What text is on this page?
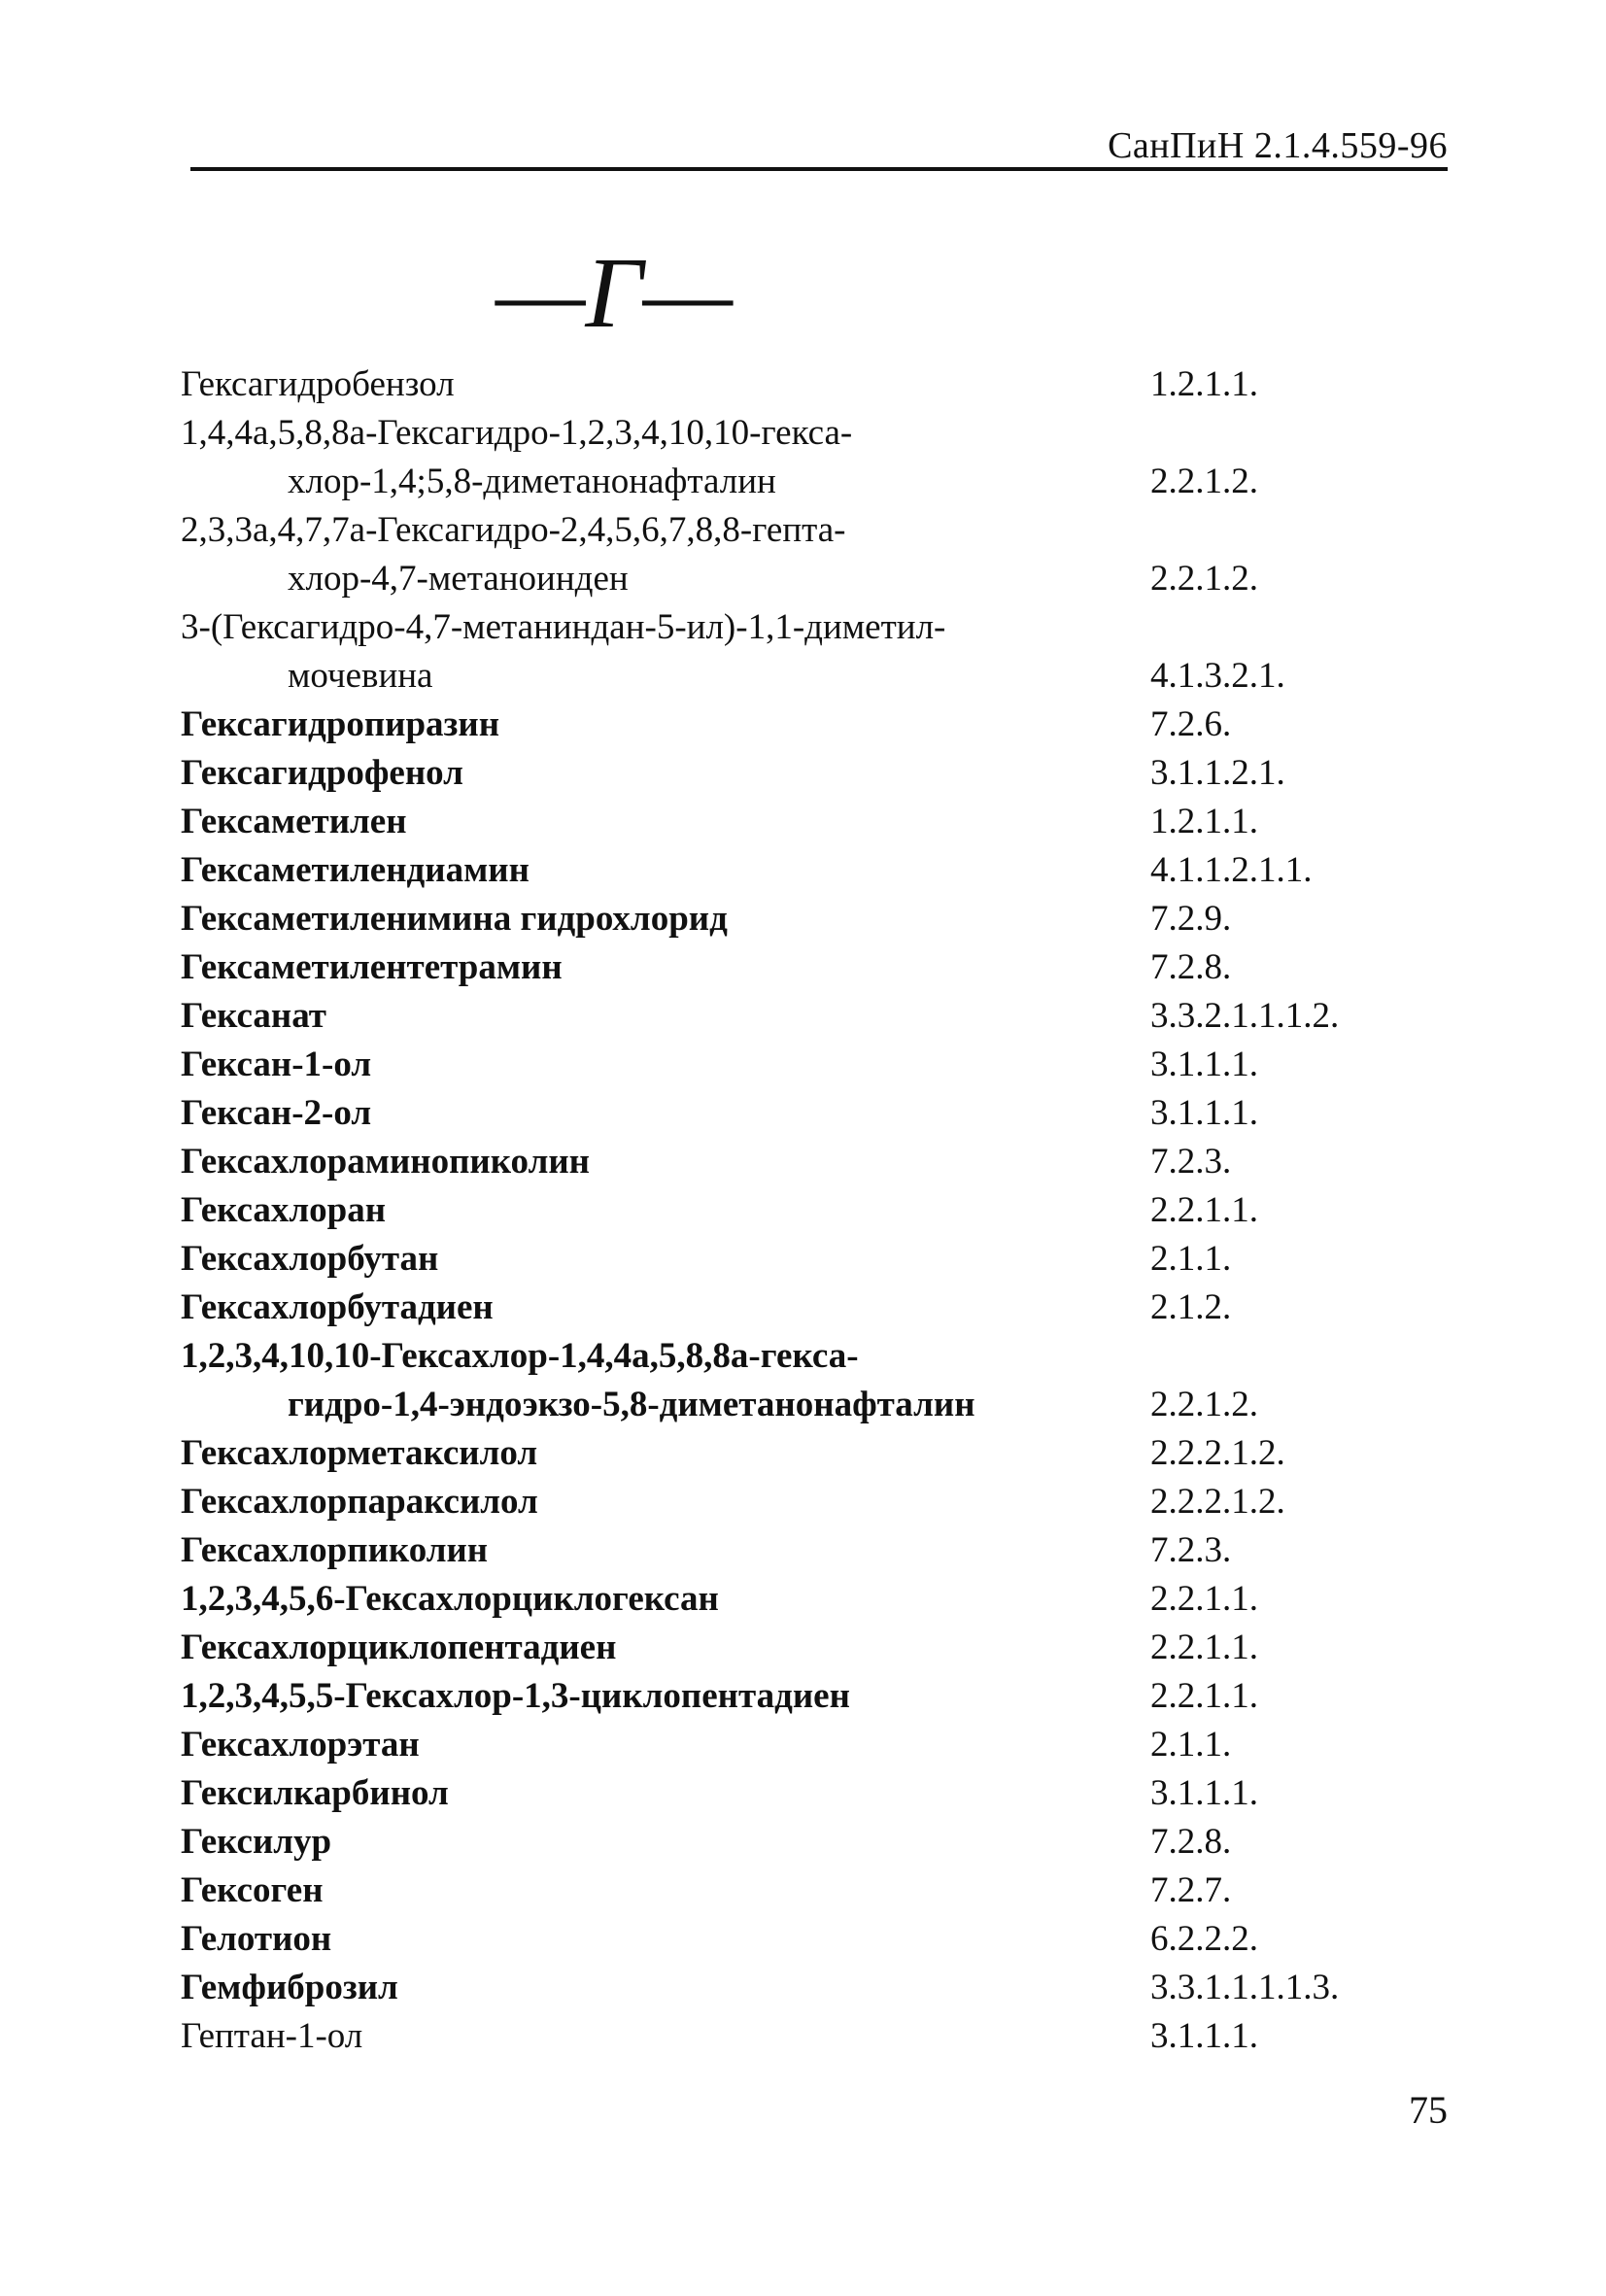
СанПиН 2.1.4.559-96
—Г—
Гексагидробензол	1.2.1.1.
1,4,4а,5,8,8а-Гексагидро-1,2,3,4,10,10-гекса-
хлор-1,4;5,8-диметанонафталин	2.2.1.2.
2,3,3а,4,7,7а-Гексагидро-2,4,5,6,7,8,8-гепта-
хлор-4,7-метаноинден	2.2.1.2.
3-(Гексагидро-4,7-метаниндан-5-ил)-1,1-диметил-
мочевина	4.1.3.2.1.
Гексагидропиразин	7.2.6.
Гексагидрофенол	3.1.1.2.1.
Гексаметилен	1.2.1.1.
Гексаметилендиамин	4.1.1.2.1.1.
Гексаметиленимина гидрохлорид	7.2.9.
Гексаметилентетрамин	7.2.8.
Гексанат	3.3.2.1.1.1.2.
Гексан-1-ол	3.1.1.1.
Гексан-2-ол	3.1.1.1.
Гексахлораминопиколин	7.2.3.
Гексахлоран	2.2.1.1.
Гексахлорбутан	2.1.1.
Гексахлорбутадиен	2.1.2.
1,2,3,4,10,10-Гексахлор-1,4,4а,5,8,8а-гекса-
гидро-1,4-эндоэкзо-5,8-диметанонафталин	2.2.1.2.
Гексахлорметаксилол	2.2.2.1.2.
Гексахлорпараксилол	2.2.2.1.2.
Гексахлорпиколин	7.2.3.
1,2,3,4,5,6-Гексахлорциклогексан	2.2.1.1.
Гексахлорциклопентадиен	2.2.1.1.
1,2,3,4,5,5-Гексахлор-1,3-циклопентадиен	2.2.1.1.
Гексахлорэтан	2.1.1.
Гексилкарбинол	3.1.1.1.
Гексилур	7.2.8.
Гексоген	7.2.7.
Гелотион	6.2.2.2.
Гемфиброзил	3.3.1.1.1.1.3.
Гептан-1-ол	3.1.1.1.
75
